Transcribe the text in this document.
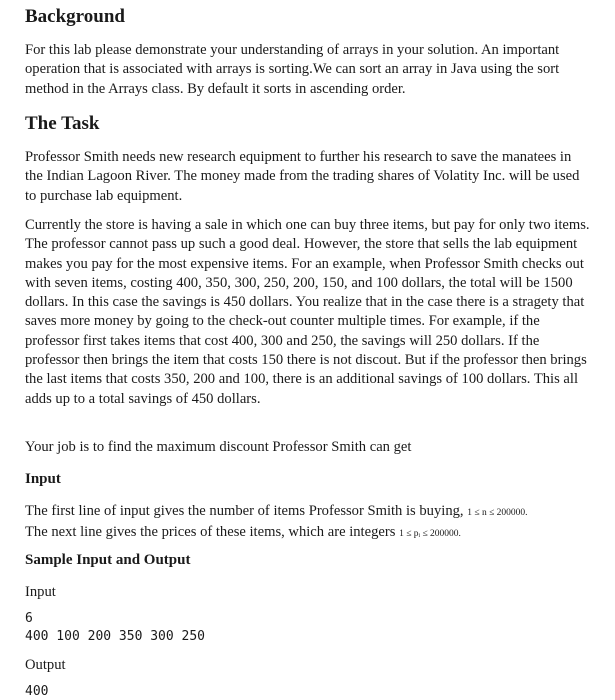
Background

For this lab please demonstrate your understanding of arrays in your solution. An important operation that is associated with arrays is sorting.We can sort an array in Java using the sort method in the Arrays class. By default it sorts in ascending order.

The Task

Professor Smith needs new research equipment to further his research to save the manatees in the Indian Lagoon River. The money made from the trading shares of Volatity Inc. will be used to purchase lab equipment.

Currently the store is having a sale in which one can buy three items, but pay for only two items. The professor cannot pass up such a good deal. However, the store that sells the lab equipment makes you pay for the most expensive items. For an example, when Professor Smith checks out with seven items, costing 400, 350, 300, 250, 200, 150, and 100 dollars, the total will be 1500 dollars. In this case the savings is 450 dollars. You realize that in the case there is a stragety that saves more money by going to the check-out counter multiple times. For example, if the professor first takes items that cost 400, 300 and 250, the savings will 250 dollars. If the professor then brings the item that costs 150 there is not discout. But if the professor then brings the last items that costs 350, 200 and 100, there is an additional savings of 100 dollars. This all adds up to a total savings of 450 dollars.

Your job is to find the maximum discount Professor Smith can get

Input

The first line of input gives the number of items Professor Smith is buying, 1 ≤ n ≤ 200000.
The next line gives the prices of these items, which are integers 1 ≤ pᵢ ≤ 200000.

Sample Input and Output

Input

6

400 100 200 350 300 250

Output

400
